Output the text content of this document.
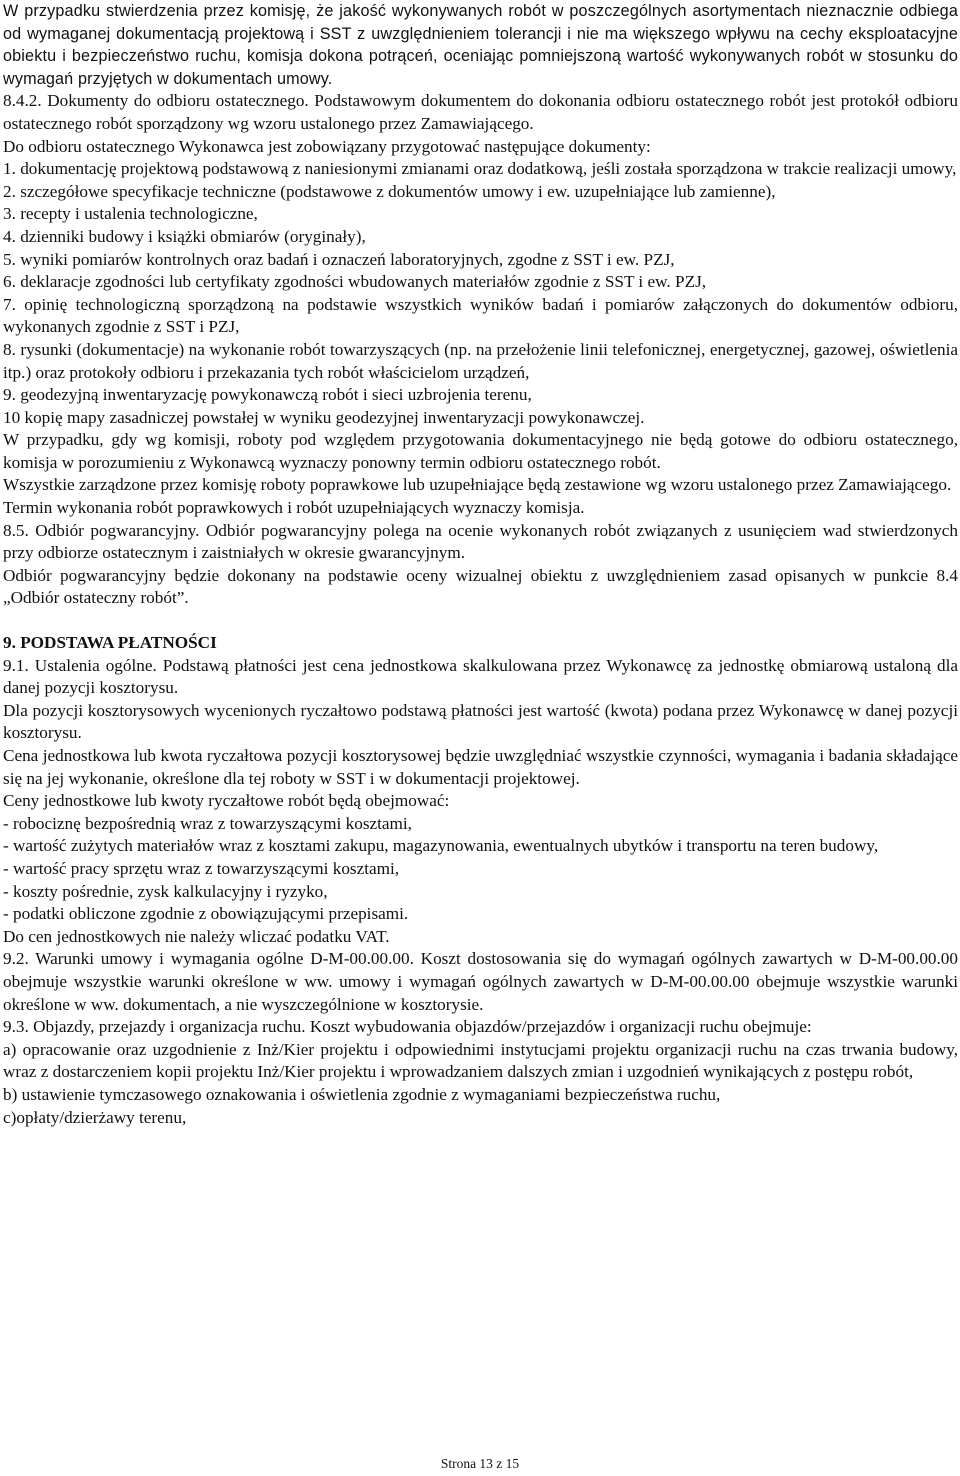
W przypadku stwierdzenia przez komisję, że jakość wykonywanych robót w poszczególnych asortymentach nieznacznie odbiega od wymaganej dokumentacją projektową i SST z uwzględnieniem tolerancji i nie ma większego wpływu na cechy eksploatacyjne obiektu i bezpieczeństwo ruchu, komisja dokona potrąceń, oceniając pomniejszoną wartość wykonywanych robót w stosunku do wymagań przyjętych w dokumentach umowy.

8.4.2. Dokumenty do odbioru ostatecznego. Podstawowym dokumentem do dokonania odbioru ostatecznego robót jest protokół odbioru ostatecznego robót sporządzony wg wzoru ustalonego przez Zamawiającego.

Do odbioru ostatecznego Wykonawca jest zobowiązany przygotować następujące dokumenty:

1. dokumentację projektową podstawową z naniesionymi zmianami oraz dodatkową, jeśli została sporządzona w trakcie realizacji umowy,

2. szczegółowe specyfikacje techniczne (podstawowe z dokumentów umowy i ew. uzupełniające lub zamienne),

3. recepty i ustalenia technologiczne,

4. dzienniki budowy i książki obmiarów (oryginały),

5. wyniki pomiarów kontrolnych oraz badań i oznaczeń laboratoryjnych, zgodne z SST i ew. PZJ,

6. deklaracje zgodności lub certyfikaty zgodności wbudowanych materiałów zgodnie z SST i ew. PZJ,

7. opinię technologiczną sporządzoną na podstawie wszystkich wyników badań i pomiarów załączonych do dokumentów odbioru, wykonanych zgodnie z SST i PZJ,

8. rysunki (dokumentacje) na wykonanie robót towarzyszących (np. na przełożenie linii telefonicznej, energetycznej, gazowej, oświetlenia itp.) oraz protokoły odbioru i przekazania tych robót właścicielom urządzeń,

9. geodezyjną inwentaryzację powykonawczą robót i sieci uzbrojenia terenu,

10 kopię mapy zasadniczej powstałej w wyniku geodezyjnej inwentaryzacji powykonawczej.

W przypadku, gdy wg komisji, roboty pod względem przygotowania dokumentacyjnego nie będą gotowe do odbioru ostatecznego, komisja w porozumieniu z Wykonawcą wyznaczy ponowny termin odbioru ostatecznego robót.

Wszystkie zarządzone przez komisję roboty poprawkowe lub uzupełniające będą zestawione wg wzoru ustalonego przez Zamawiającego.

Termin wykonania robót poprawkowych i robót uzupełniających wyznaczy komisja.

8.5. Odbiór pogwarancyjny. Odbiór pogwarancyjny polega na ocenie wykonanych robót związanych z usunięciem wad stwierdzonych przy odbiorze ostatecznym i zaistniałych w okresie gwarancyjnym.

Odbiór pogwarancyjny będzie dokonany na podstawie oceny wizualnej obiektu z uwzględnieniem zasad opisanych w punkcie 8.4 „Odbiór ostateczny robót”.

9. PODSTAWA PŁATNOŚCI

9.1. Ustalenia ogólne. Podstawą płatności jest cena jednostkowa skalkulowana przez Wykonawcę za jednostkę obmiarową ustaloną dla danej pozycji kosztorysu.

Dla pozycji kosztorysowych wycenionych ryczałtowo podstawą płatności jest wartość (kwota) podana przez Wykonawcę w danej pozycji kosztorysu.

Cena jednostkowa lub kwota ryczałtowa pozycji kosztorysowej będzie uwzględniać wszystkie czynności, wymagania i badania składające się na jej wykonanie, określone dla tej roboty w SST i w dokumentacji projektowej.

Ceny jednostkowe lub kwoty ryczałtowe robót będą obejmować:

- robociznę bezpośrednią wraz z towarzyszącymi kosztami,

- wartość zużytych materiałów wraz z kosztami zakupu, magazynowania, ewentualnych ubytków i transportu na teren budowy,

- wartość pracy sprzętu wraz z towarzyszącymi kosztami,

- koszty pośrednie, zysk kalkulacyjny i ryzyko,

- podatki obliczone zgodnie z obowiązującymi przepisami.

Do cen jednostkowych nie należy wliczać podatku VAT.

9.2. Warunki umowy i wymagania ogólne D-M-00.00.00. Koszt dostosowania się do wymagań ogólnych zawartych w D-M-00.00.00 obejmuje wszystkie warunki określone w ww. umowy i wymagań ogólnych zawartych w D-M-00.00.00 obejmuje wszystkie warunki określone w ww. dokumentach, a nie wyszczególnione w kosztorysie.

9.3. Objazdy, przejazdy i organizacja ruchu. Koszt wybudowania objazdów/przejazdów i organizacji ruchu obejmuje:

a) opracowanie oraz uzgodnienie z Inż/Kier projektu i odpowiednimi instytucjami projektu organizacji ruchu na czas trwania budowy, wraz z dostarczeniem kopii projektu Inż/Kier projektu i wprowadzaniem dalszych zmian i uzgodnień wynikających z postępu robót,

b) ustawienie tymczasowego oznakowania i oświetlenia zgodnie z wymaganiami bezpieczeństwa ruchu,

c)opłaty/dzierżawy terenu,

Strona 13 z 15
